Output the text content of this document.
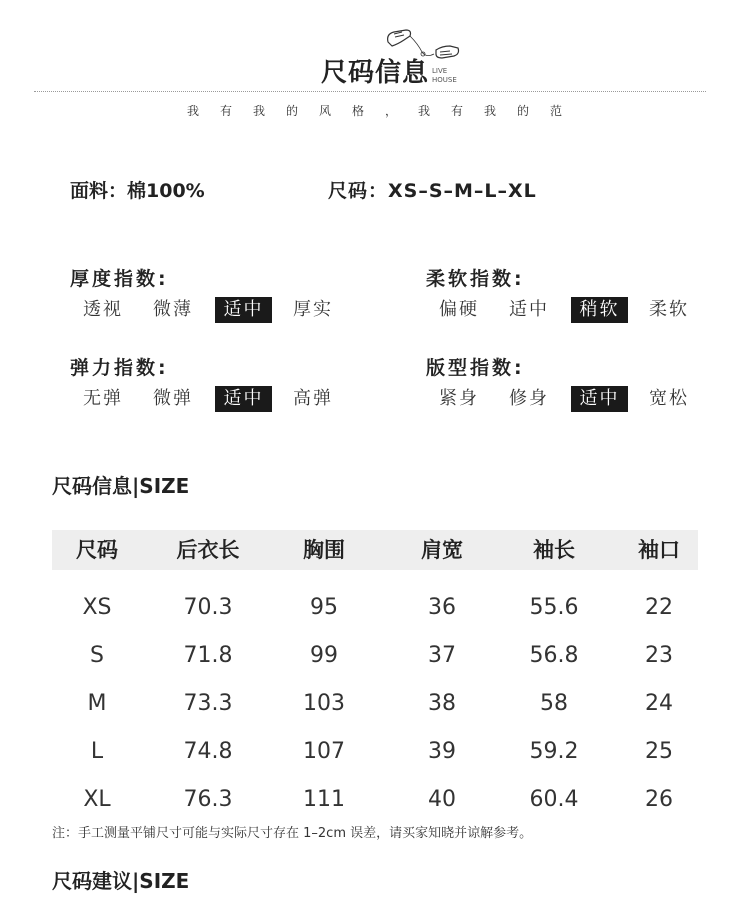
尺码信息 LIVE
HOUSE
我有我的风格，我有我的范
面料：棉100%	尺码：XS–S–M–L–XL
厚度指数:
透视	微薄	适中	厚实
柔软指数:
偏硬	适中	稍软	柔软
弹力指数:
无弹	微弹	适中	高弹
版型指数:
紧身	修身	适中	宽松
尺码信息|SIZE
尺码	后衣长	胸围	肩宽	袖长	袖口
XS	70.3	95	36	55.6	22
S	71.8	99	37	56.8	23
M	73.3	103	38	58	24
L	74.8	107	39	59.2	25
XL	76.3	111	40	60.4	26
注：手工测量平铺尺寸可能与实际尺寸存在 1–2cm 误差，请买家知晓并谅解参考。
尺码建议|SIZE
